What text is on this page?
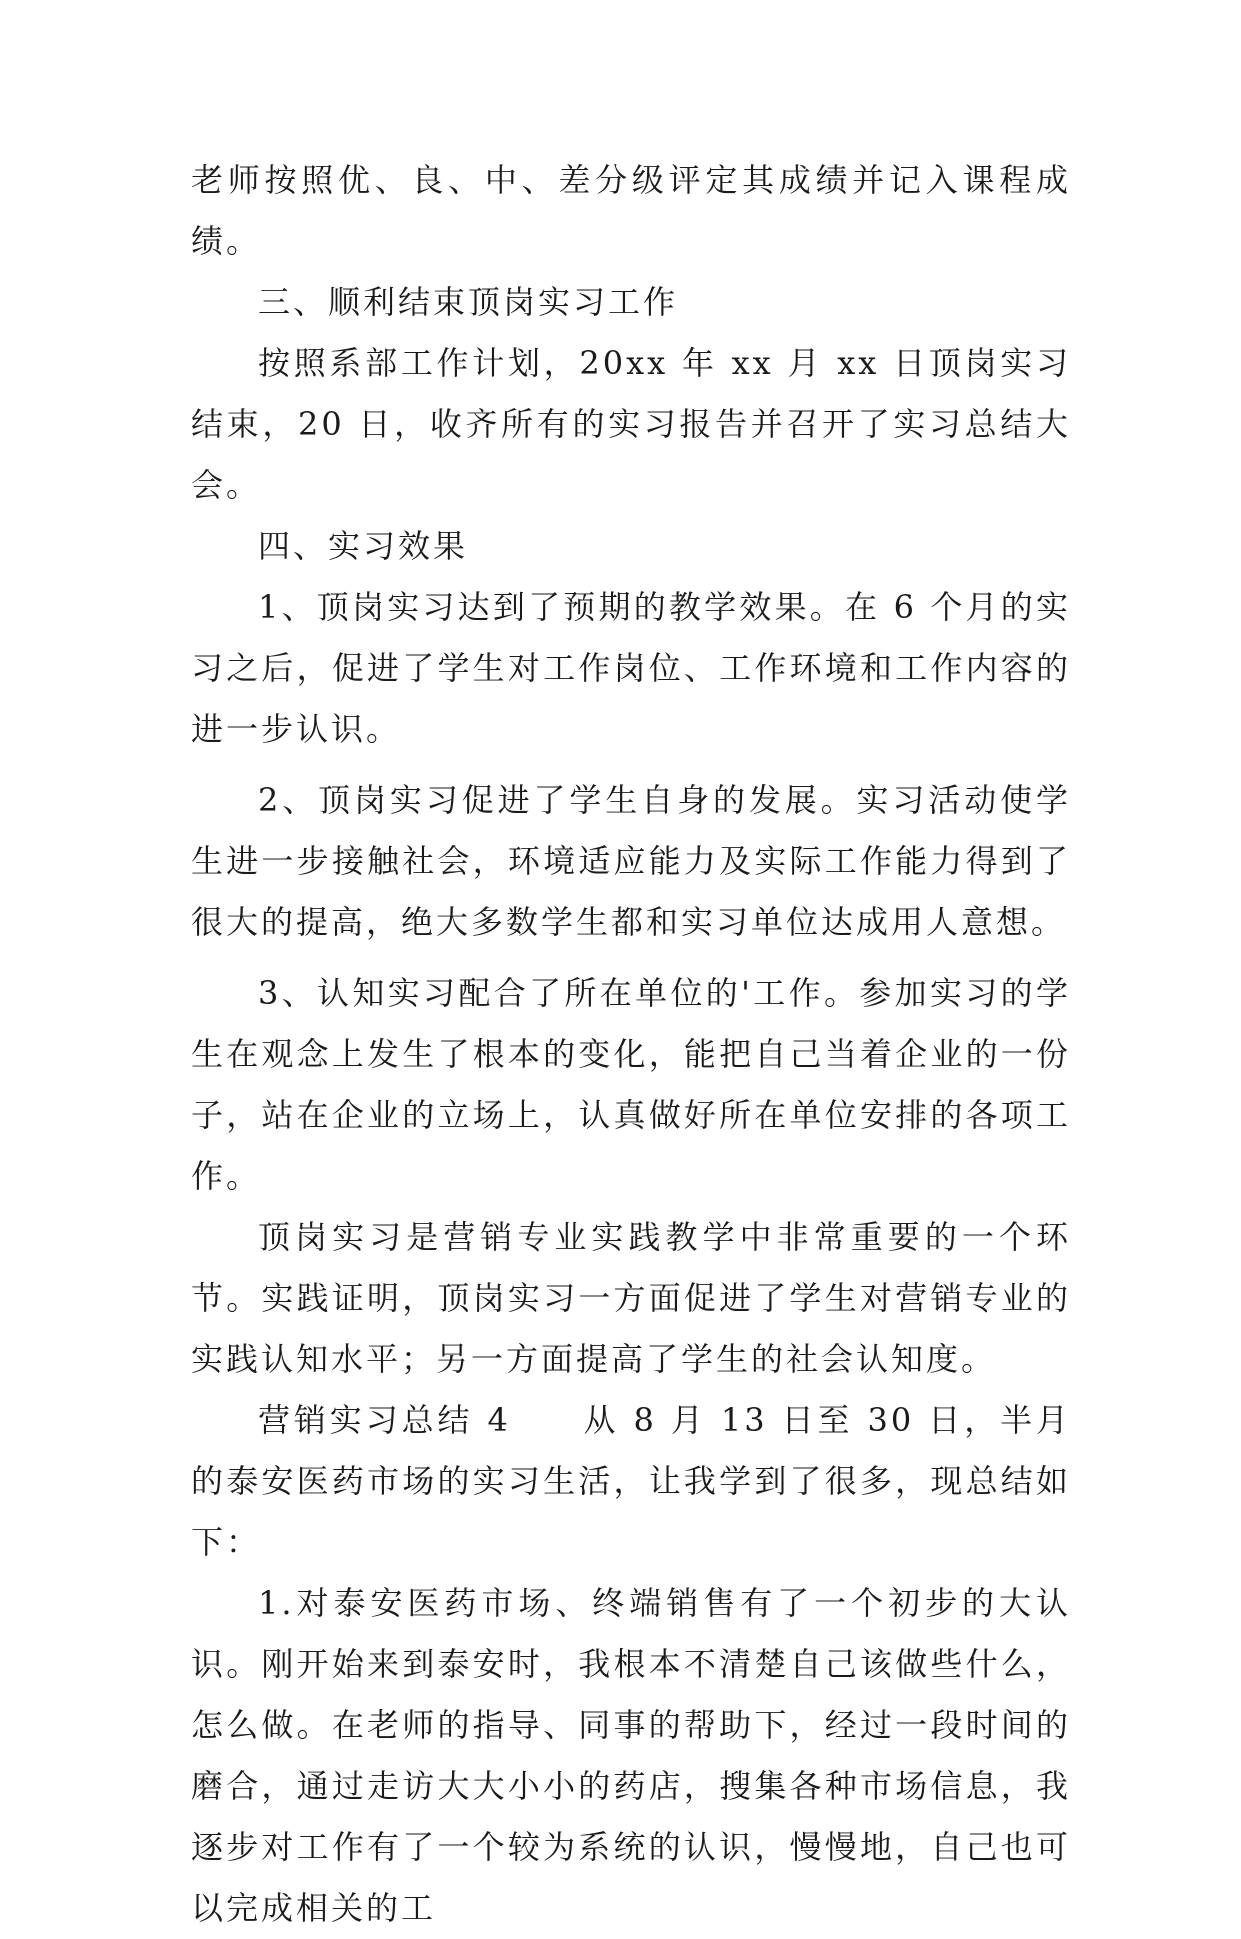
老师按照优、良、中、差分级评定其成绩并记入课程成绩。

三、顺利结束顶岗实习工作

按照系部工作计划，20xx 年 xx 月 xx 日顶岗实习结束，20 日，收齐所有的实习报告并召开了实习总结大会。

四、实习效果

1、顶岗实习达到了预期的教学效果。在 6 个月的实习之后，促进了学生对工作岗位、工作环境和工作内容的进一步认识。

2、顶岗实习促进了学生自身的发展。实习活动使学生进一步接触社会，环境适应能力及实际工作能力得到了很大的提高，绝大多数学生都和实习单位达成用人意想。

3、认知实习配合了所在单位的'工作。参加实习的学生在观念上发生了根本的变化，能把自己当着企业的一份子，站在企业的立场上，认真做好所在单位安排的各项工作。

顶岗实习是营销专业实践教学中非常重要的一个环节。实践证明，顶岗实习一方面促进了学生对营销专业的实践认知水平；另一方面提高了学生的社会认知度。

营销实习总结 4　　从 8 月 13 日至 30 日，半月的泰安医药市场的实习生活，让我学到了很多，现总结如下：

1.对泰安医药市场、终端销售有了一个初步的大认识。刚开始来到泰安时，我根本不清楚自己该做些什么，怎么做。在老师的指导、同事的帮助下，经过一段时间的磨合，通过走访大大小小的药店，搜集各种市场信息，我逐步对工作有了一个较为系统的认识，慢慢地，自己也可以完成相关的工
